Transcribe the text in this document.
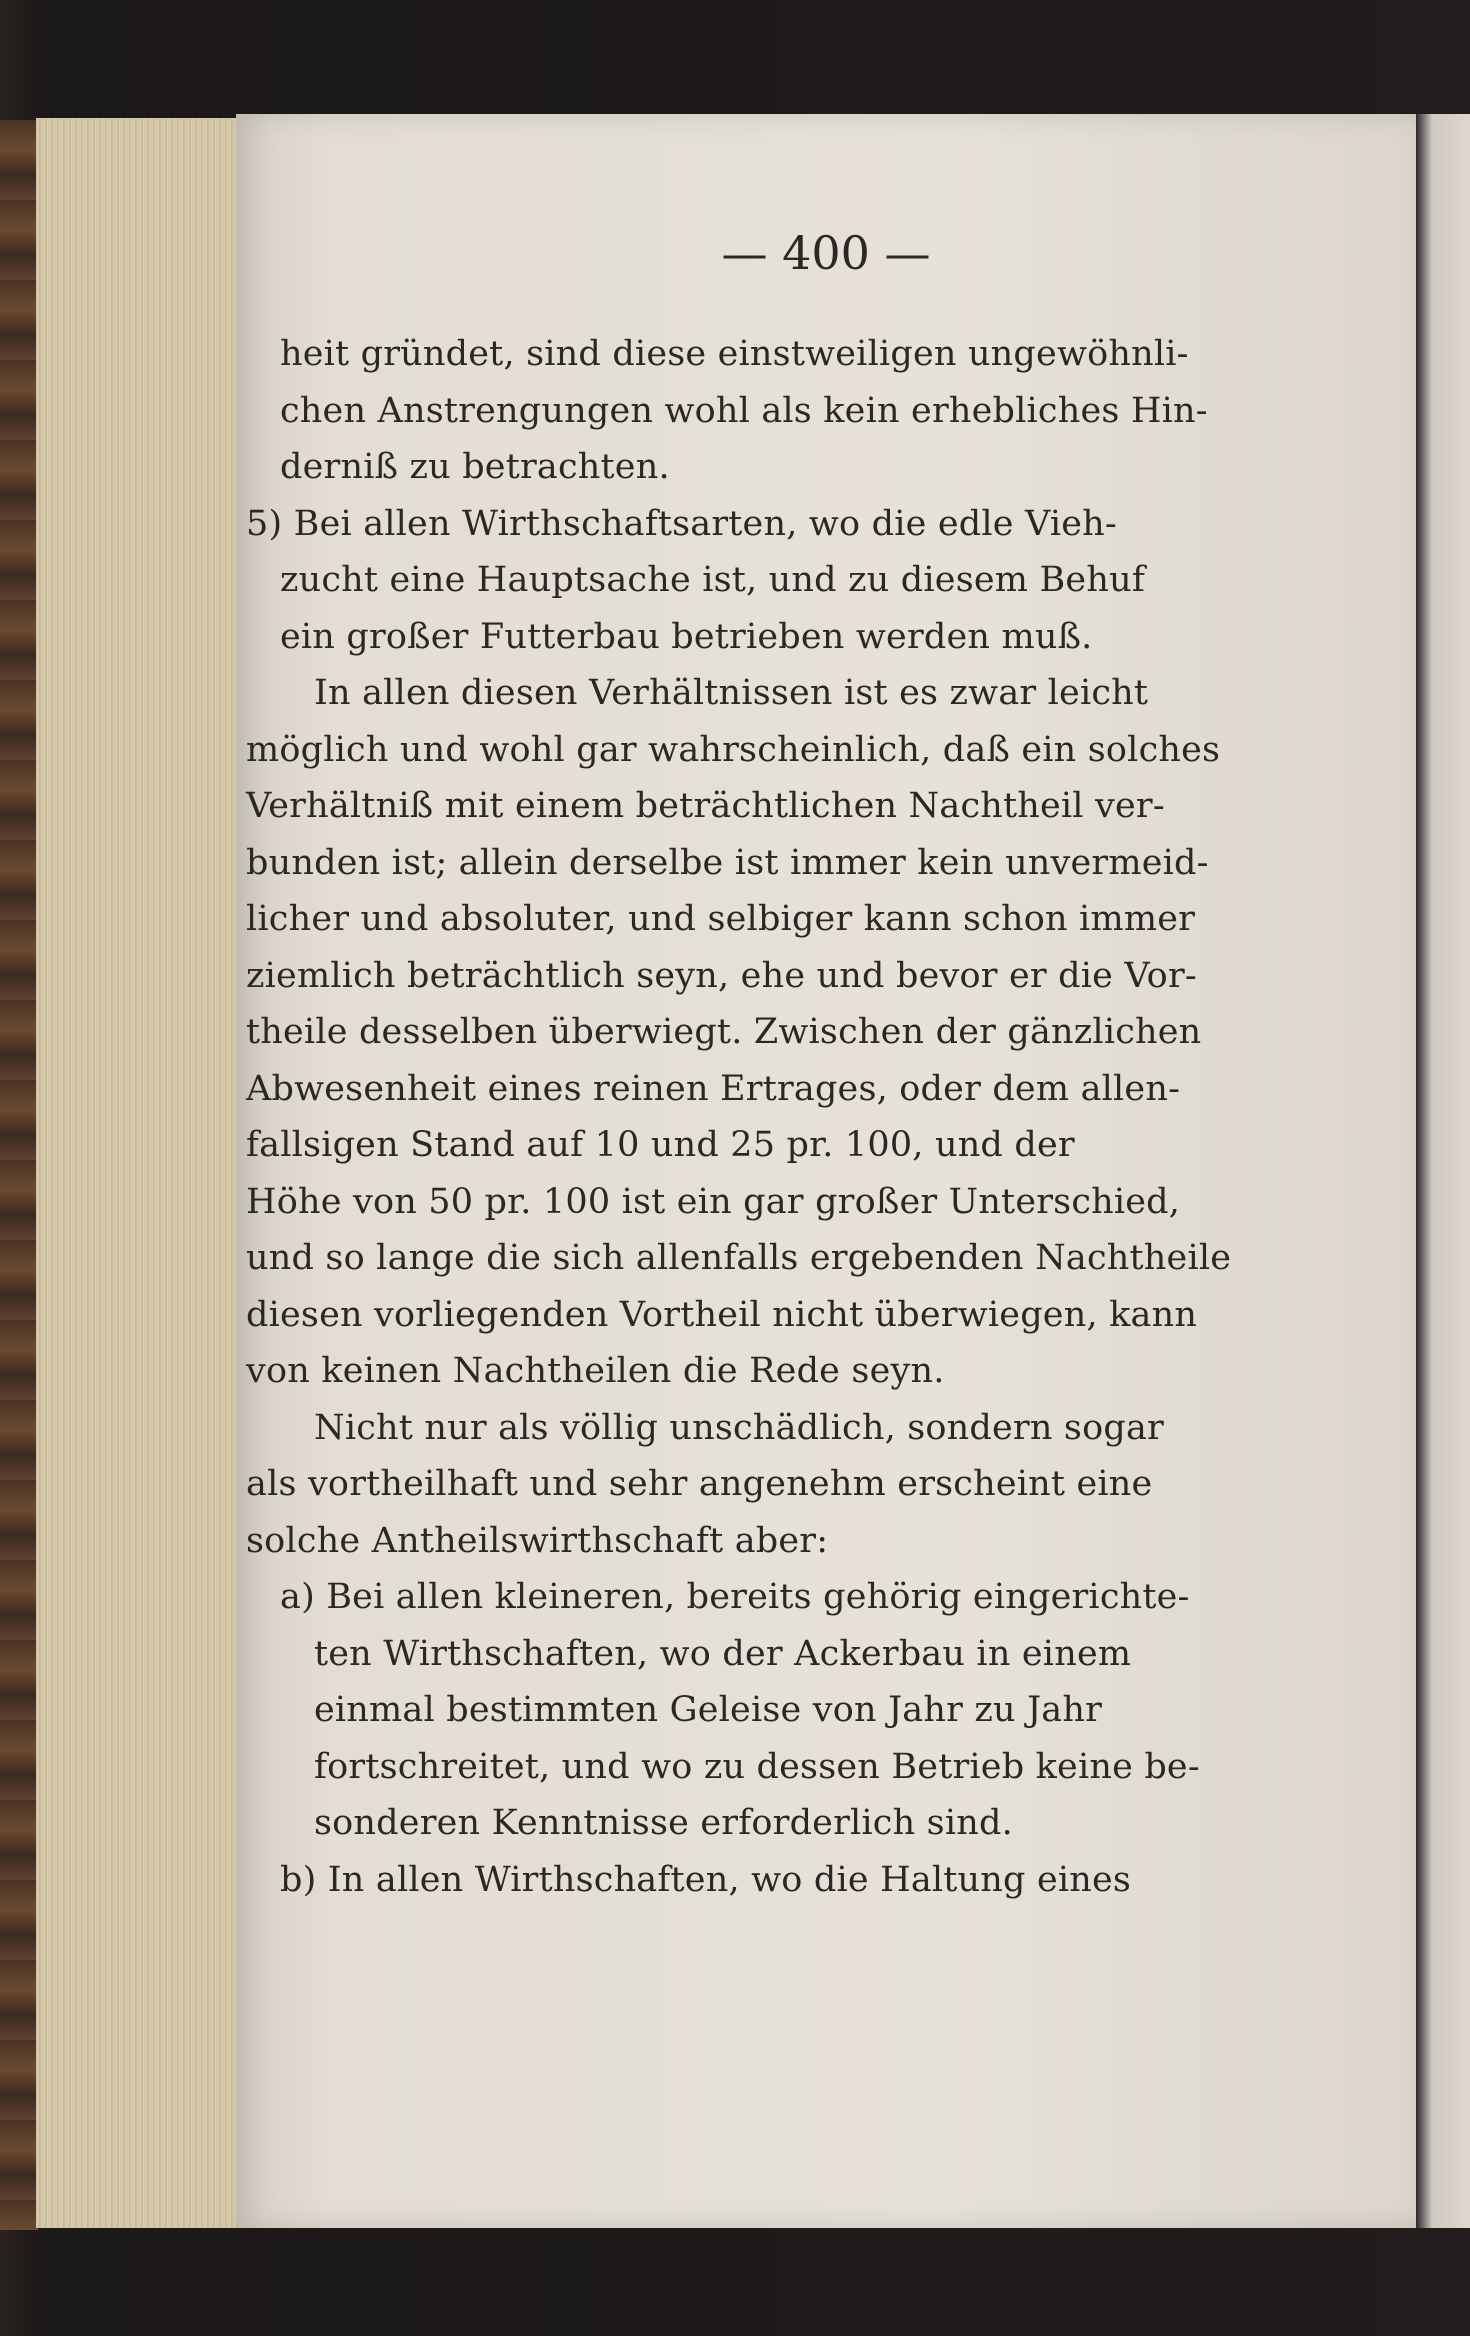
— 400 —
heit gründet, sind diese einstweiligen ungewöhnli-
chen Anstrengungen wohl als kein erhebliches Hin-
derniß zu betrachten.
5) Bei allen Wirthschaftsarten, wo die edle Vieh-
zucht eine Hauptsache ist, und zu diesem Behuf
ein großer Futterbau betrieben werden muß.
In allen diesen Verhältnissen ist es zwar leicht
möglich und wohl gar wahrscheinlich, daß ein solches
Verhältniß mit einem beträchtlichen Nachtheil ver-
bunden ist; allein derselbe ist immer kein unvermeid-
licher und absoluter, und selbiger kann schon immer
ziemlich beträchtlich seyn, ehe und bevor er die Vor-
theile desselben überwiegt. Zwischen der gänzlichen
Abwesenheit eines reinen Ertrages, oder dem allen-
fallsigen Stand auf 10 und 25 pr. 100, und der
Höhe von 50 pr. 100 ist ein gar großer Unterschied,
und so lange die sich allenfalls ergebenden Nachtheile
diesen vorliegenden Vortheil nicht überwiegen, kann
von keinen Nachtheilen die Rede seyn.
Nicht nur als völlig unschädlich, sondern sogar
als vortheilhaft und sehr angenehm erscheint eine
solche Antheilswirthschaft aber:
a) Bei allen kleineren, bereits gehörig eingerichte-
ten Wirthschaften, wo der Ackerbau in einem
einmal bestimmten Geleise von Jahr zu Jahr
fortschreitet, und wo zu dessen Betrieb keine be-
sonderen Kenntnisse erforderlich sind.
b) In allen Wirthschaften, wo die Haltung eines
